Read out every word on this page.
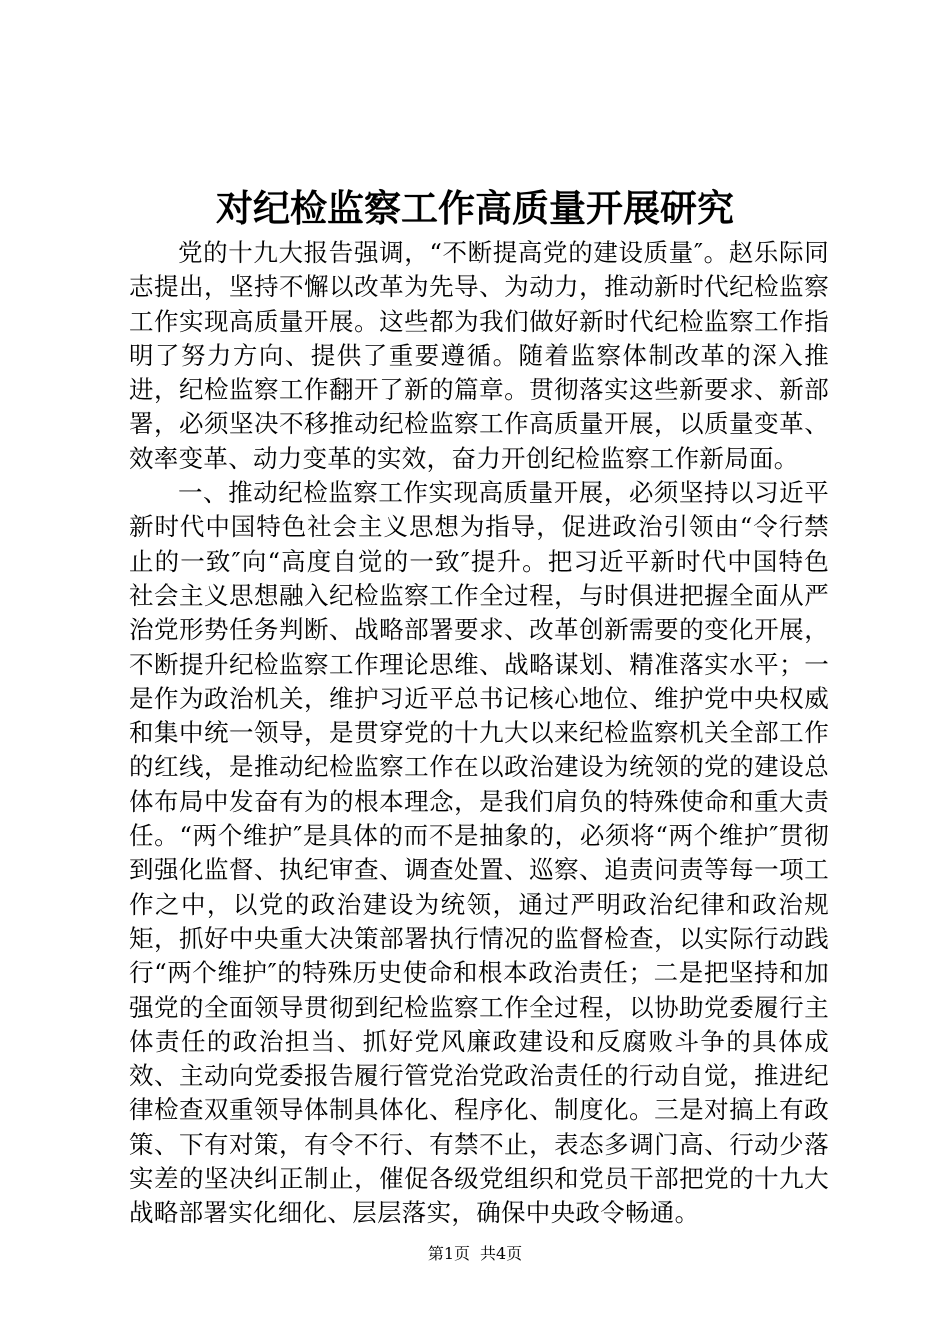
对纪检监察工作高质量开展研究

党的十九大报告强调，“不断提高党的建设质量″。赵乐际同志提出，坚持不懈以改革为先导、为动力，推动新时代纪检监察工作实现高质量开展。这些都为我们做好新时代纪检监察工作指明了努力方向、提供了重要遵循。随着监察体制改革的深入推进，纪检监察工作翻开了新的篇章。贯彻落实这些新要求、新部署，必须坚决不移推动纪检监察工作高质量开展，以质量变革、效率变革、动力变革的实效，奋力开创纪检监察工作新局面。

一、推动纪检监察工作实现高质量开展，必须坚持以习近平新时代中国特色社会主义思想为指导，促进政治引领由“令行禁止的一致″向“高度自觉的一致″提升。把习近平新时代中国特色社会主义思想融入纪检监察工作全过程，与时俱进把握全面从严治党形势任务判断、战略部署要求、改革创新需要的变化开展，不断提升纪检监察工作理论思维、战略谋划、精准落实水平；一是作为政治机关，维护习近平总书记核心地位、维护党中央权威和集中统一领导，是贯穿党的十九大以来纪检监察机关全部工作的红线，是推动纪检监察工作在以政治建设为统领的党的建设总体布局中发奋有为的根本理念，是我们肩负的特殊使命和重大责任。“两个维护″是具体的而不是抽象的，必须将“两个维护″贯彻到强化监督、执纪审查、调查处置、巡察、追责问责等每一项工作之中，以党的政治建设为统领，通过严明政治纪律和政治规矩，抓好中央重大决策部署执行情况的监督检查，以实际行动践行“两个维护″的特殊历史使命和根本政治责任；二是把坚持和加强党的全面领导贯彻到纪检监察工作全过程，以协助党委履行主体责任的政治担当、抓好党风廉政建设和反腐败斗争的具体成效、主动向党委报告履行管党治党政治责任的行动自觉，推进纪律检查双重领导体制具体化、程序化、制度化。三是对搞上有政策、下有对策，有令不行、有禁不止，表态多调门高、行动少落实差的坚决纠正制止，催促各级党组织和党员干部把党的十九大战略部署实化细化、层层落实，确保中央政令畅通。

第1页 共4页
